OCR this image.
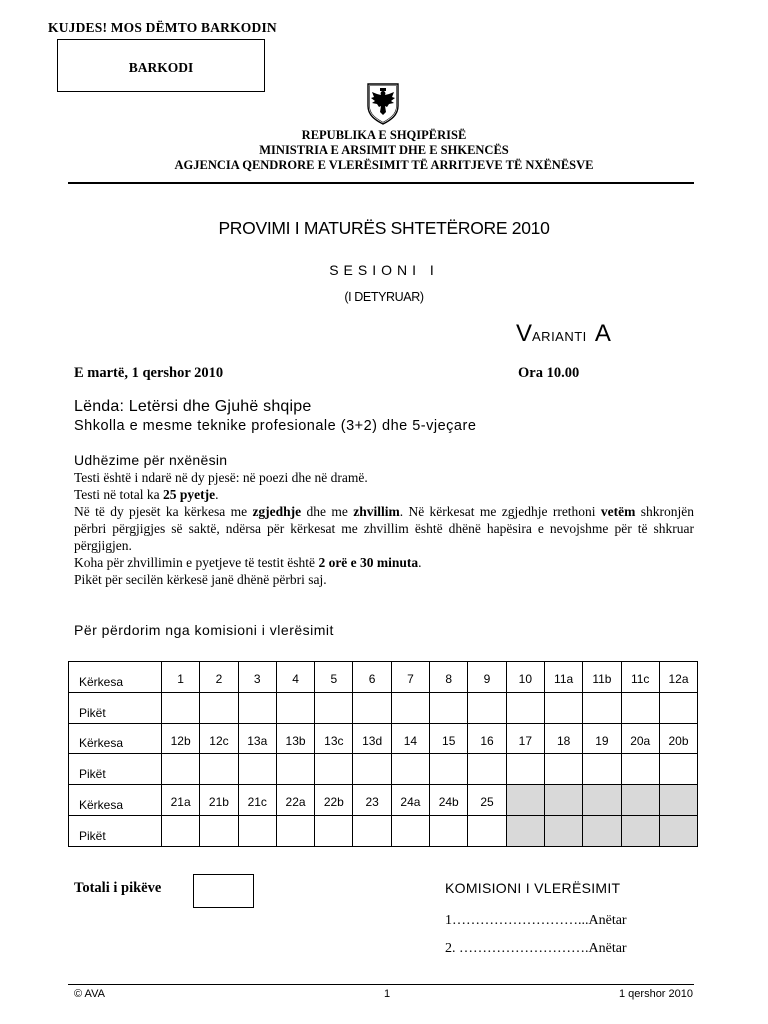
KUJDES! MOS DËMTO BARKODIN
BARKODI
REPUBLIKA E SHQIPËRISË
MINISTRIA E ARSIMIT DHE E SHKENCËS
AGJENCIA QENDRORE E VLERËSIMIT TË ARRITJEVE TË NXËNËSVE
PROVIMI I MATURËS SHTETËRORE 2010
SESIONI I
(I DETYRUAR)
VARIANTI A
E martë, 1 qershor 2010	Ora 10.00
Lënda: Letërsi dhe Gjuhë shqipe
Shkolla e mesme teknike profesionale (3+2) dhe 5-vjeçare
Udhëzime për nxënësin

Testi është i ndarë në dy pjesë: në poezi dhe në dramë.

Testi në total ka 25 pyetje.

Në të dy pjesët ka kërkesa me zgjedhje dhe me zhvillim. Në kërkesat me zgjedhje rrethoni vetëm shkronjën përbri përgjigjes së saktë, ndërsa për kërkesat me zhvillim është dhënë hapësira e nevojshme për të shkruar përgjigjen.

Koha për zhvillimin e pyetjeve të testit është 2 orë e 30 minuta.

Pikët për secilën kërkesë janë dhënë përbri saj.

Për përdorim nga komisioni i vlerësimit
Kërkesa	1	2	3	4	5	6	7	8	9	10	11a	11b	11c	12a
Pikët														
Kërkesa	12b	12c	13a	13b	13c	13d	14	15	16	17	18	19	20a	20b
Pikët														
Kërkesa	21a	21b	21c	22a	22b	23	24a	24b	25					
Pikët														
Totali i pikëve	KOMISIONI I VLERËSIMIT
1………………………...Anëtar
2. ……………………….Anëtar
© AVA	1	1 qershor 2010
